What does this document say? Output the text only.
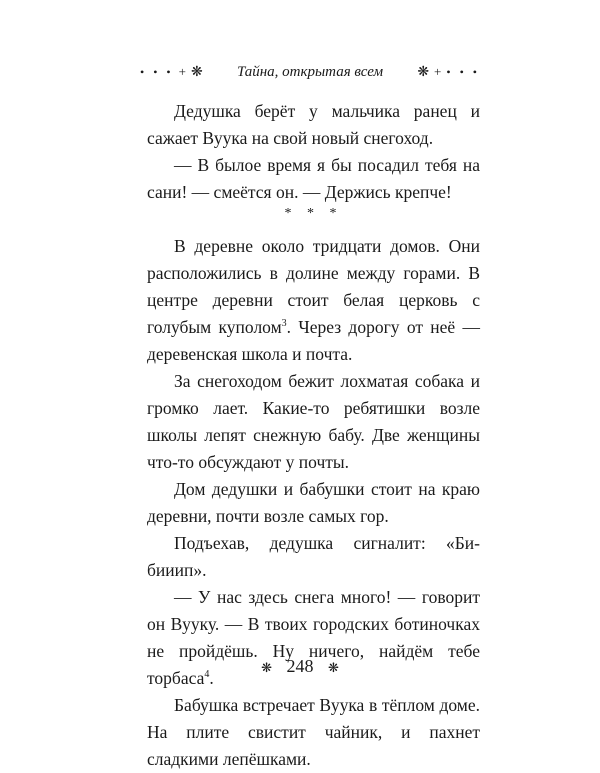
• • • + ❋ Тайна, открытая всем ❋ + • • •

Дедушка берёт у мальчика ранец и сажает Вуука на свой новый снегоход.

— В былое время я бы посадил тебя на сани! — смеётся он. — Держись крепче!

* * *

В деревне около тридцати домов. Они расположились в долине между горами. В центре деревни стоит белая церковь с голубым куполом$^3$. Через дорогу от неё — деревенская школа и почта.

За снегоходом бежит лохматая собака и громко лает. Какие-то ребятишки возле школы лепят снежную бабу. Две женщины что-то обсуждают у почты.

Дом дедушки и бабушки стоит на краю деревни, почти возле самых гор.

Подъехав, дедушка сигналит: «Би-бииип».

— У нас здесь снега много! — говорит он Вууку. — В твоих городских ботиночках не пройдёшь. Ну ничего, найдём тебе торбаса$^4$.

Бабушка встречает Вуука в тёплом доме. На плите свистит чайник, и пахнет сладкими лепёшками.

❋ 248 ❋
